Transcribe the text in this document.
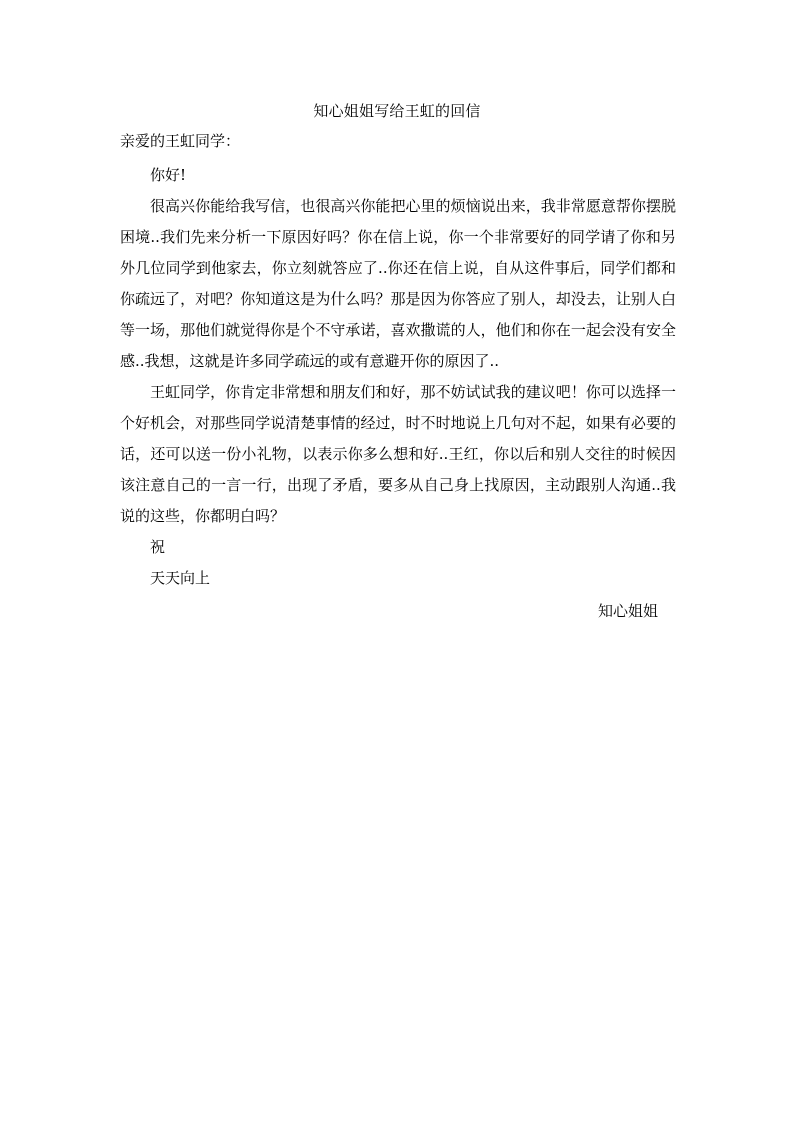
知心姐姐写给王虹的回信
亲爱的王虹同学：

你好!

很高兴你能给我写信，也很高兴你能把心里的烦恼说出来，我非常愿意帮你摆脱困境..我们先来分析一下原因好吗？你在信上说，你一个非常要好的同学请了你和另外几位同学到他家去，你立刻就答应了..你还在信上说，自从这件事后，同学们都和你疏远了，对吧？你知道这是为什么吗？那是因为你答应了别人，却没去，让别人白等一场，那他们就觉得你是个不守承诺，喜欢撒谎的人，他们和你在一起会没有安全感..我想，这就是许多同学疏远的或有意避开你的原因了..

王虹同学，你肯定非常想和朋友们和好，那不妨试试我的建议吧！你可以选择一个好机会，对那些同学说清楚事情的经过，时不时地说上几句对不起，如果有必要的话，还可以送一份小礼物，以表示你多么想和好..王红，你以后和别人交往的时候因该注意自己的一言一行，出现了矛盾，要多从自己身上找原因，主动跟别人沟通..我说的这些，你都明白吗？

祝

天天向上

知心姐姐
